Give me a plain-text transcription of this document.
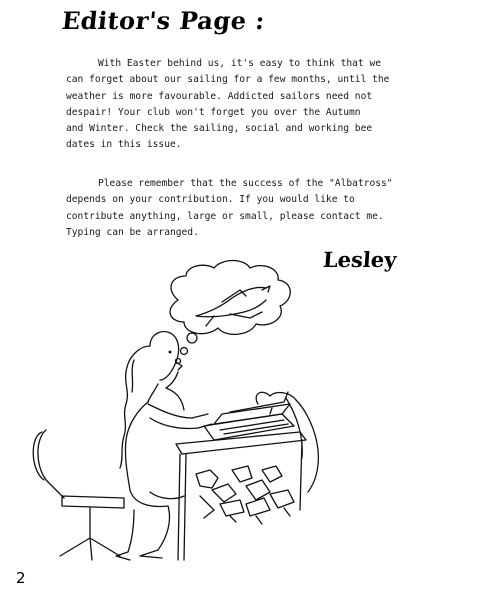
Editor's Page :
With Easter behind us, it's easy to think that we
can forget about our sailing for a few months, until the
weather is more favourable. Addicted sailors need not
despair! Your club won't forget you over the Autumn
and Winter. Check the sailing, social and working bee
dates in this issue.
Please remember that the success of the "Albatross"
depends on your contribution. If you would like to
contribute anything, large or small, please contact me.
Typing can be arranged.
Lesley
2
